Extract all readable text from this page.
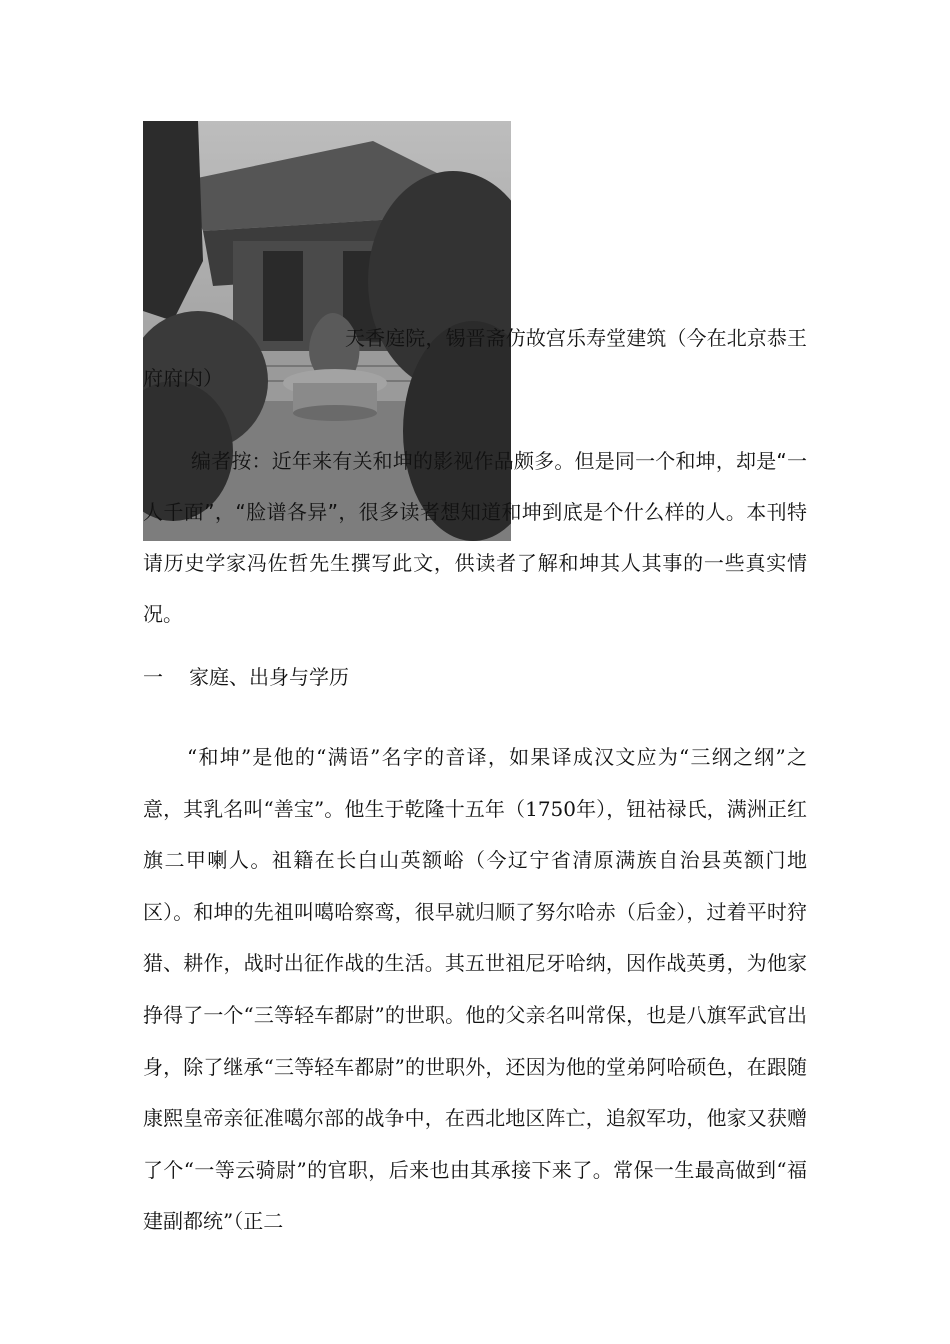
天香庭院，锡晋斋仿故宫乐寿堂建筑（今在北京恭王府府内）

编者按：近年来有关和坤的影视作品颇多。但是同一个和坤，却是“一人千面”，“脸谱各异”，很多读者想知道和坤到底是个什么样的人。本刊特请历史学家冯佐哲先生撰写此文，供读者了解和坤其人其事的一些真实情况。

一 家庭、出身与学历

“和坤”是他的“满语”名字的音译，如果译成汉文应为“三纲之纲”之意，其乳名叫“善宝”。他生于乾隆十五年（1750年），钮祜禄氏，满洲正红旗二甲喇人。祖籍在长白山英额峪（今辽宁省清原满族自治县英额门地区）。和坤的先祖叫噶哈察鸾，很早就归顺了努尔哈赤（后金），过着平时狩猎、耕作，战时出征作战的生活。其五世祖尼牙哈纳，因作战英勇，为他家挣得了一个“三等轻车都尉”的世职。他的父亲名叫常保，也是八旗军武官出身，除了继承“三等轻车都尉”的世职外，还因为他的堂弟阿哈硕色，在跟随康熙皇帝亲征准噶尔部的战争中，在西北地区阵亡，追叙军功，他家又获赠了个“一等云骑尉”的官职，后来也由其承接下来了。常保一生最高做到“福建副都统”（正二
